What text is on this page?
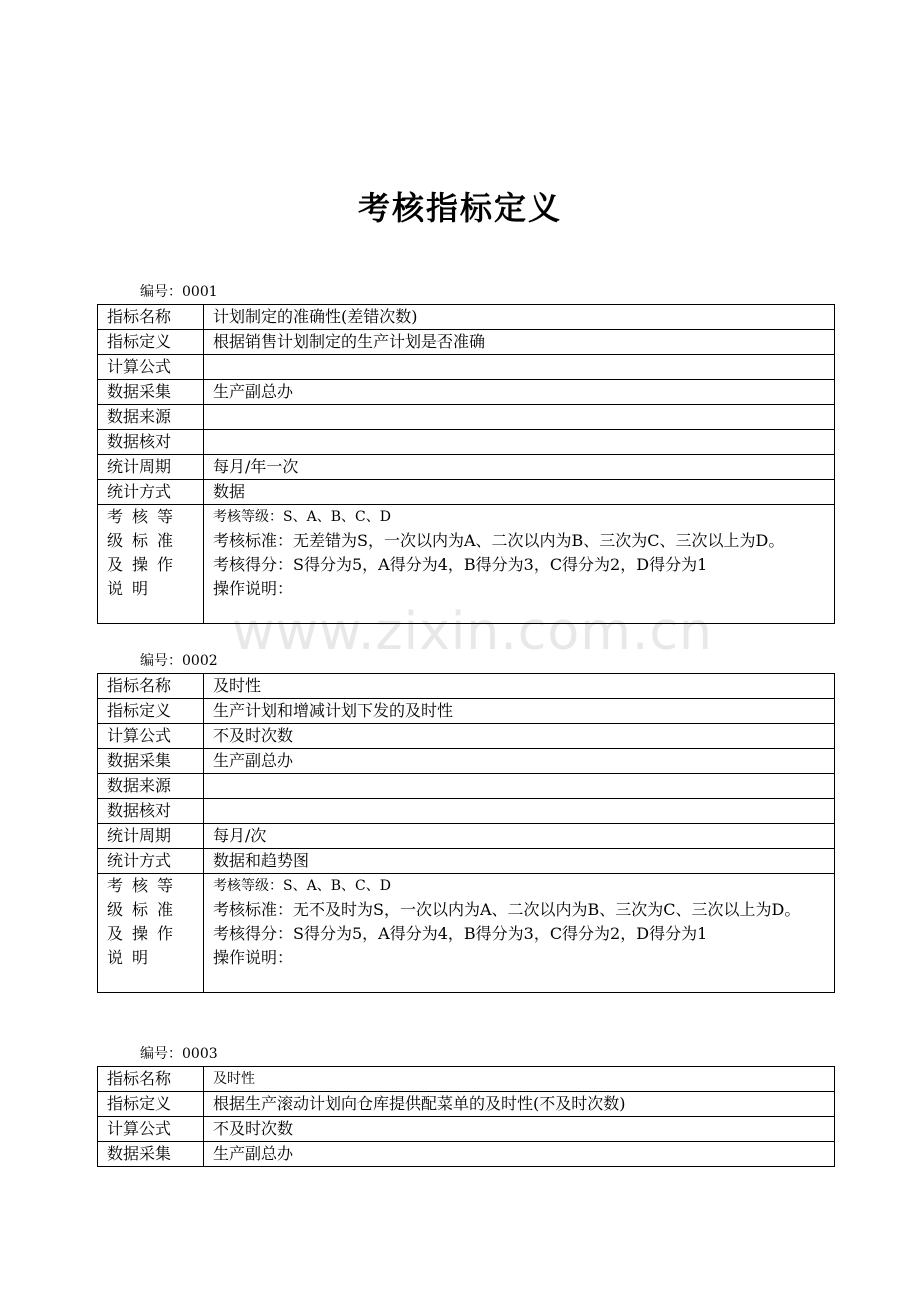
考核指标定义
www.zixin.com.cn
编号：0001
指标名称	计划制定的准确性(差错次数)
指标定义	根据销售计划制定的生产计划是否准确
计算公式	
数据采集	生产副总办
数据来源	
数据核对	
统计周期	每月/年一次
统计方式	数据
考核等级标准及操作说明	考核等级：S、A、B、C、D
考核标准：无差错为S，一次以内为A、二次以内为B、三次为C、三次以上为D。
考核得分：S得分为5，A得分为4，B得分为3，C得分为2，D得分为1
操作说明：
编号：0002
指标名称	及时性
指标定义	生产计划和增减计划下发的及时性
计算公式	不及时次数
数据采集	生产副总办
数据来源	
数据核对	
统计周期	每月/次
统计方式	数据和趋势图
考核等级标准及操作说明	考核等级：S、A、B、C、D
考核标准：无不及时为S，一次以内为A、二次以内为B、三次为C、三次以上为D。
考核得分：S得分为5，A得分为4，B得分为3，C得分为2，D得分为1
操作说明：
编号：0003
指标名称	及时性
指标定义	根据生产滚动计划向仓库提供配菜单的及时性(不及时次数)
计算公式	不及时次数
数据采集	生产副总办
